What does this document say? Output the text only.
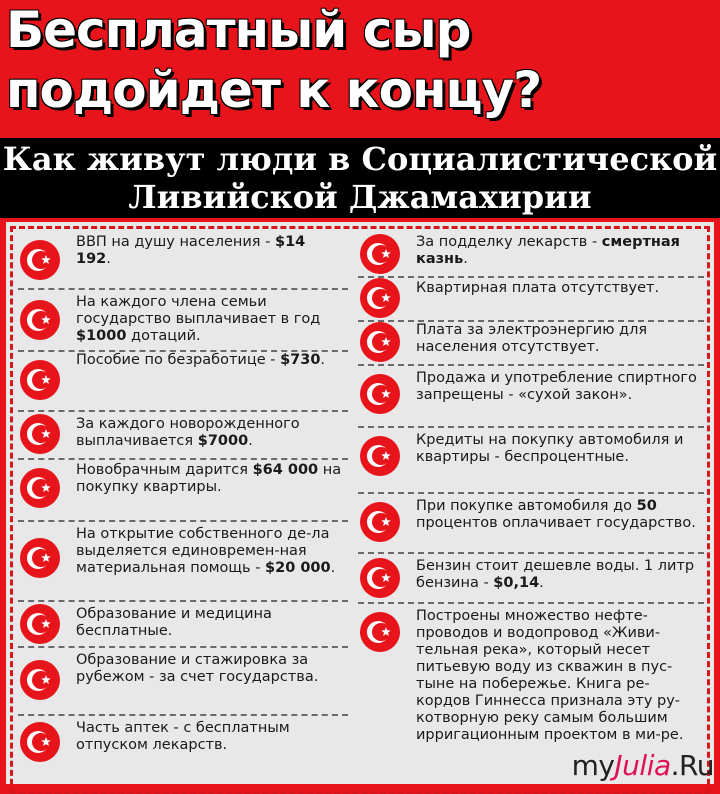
Бесплатный сыр
подойдет к концу?
Как живут люди в Социалистической
Ливийской Джамахирии
ВВП на душу населения - $14 192.
На каждого члена семьи государство выплачивает в год $1000 дотаций.
Пособие по безработице - $730.
За каждого новорожденного выплачивается $7000.
Новобрачным дарится $64 000 на покупку квартиры.
На открытие собственного де-ла выделяется единовремен-ная материальная помощь - $20 000.
Образование и медицина бесплатные.
Образование и стажировка за рубежом - за счет государства.
Часть аптек - с бесплатным отпуском лекарств.
За подделку лекарств - смертная казнь.
Квартирная плата отсутствует.
Плата за электроэнергию для населения отсутствует.
Продажа и употребление спиртного запрещены - «сухой закон».
Кредиты на покупку автомобиля и квартиры - беспроцентные.
При покупке автомобиля до 50 процентов оплачивает государство.
Бензин стоит дешевле воды. 1 литр бензина - $0,14.
Построены множество нефте-проводов и водопровод «Живи-тельная река», который несет питьевую воду из скважин в пус-тыне на побережье. Книга ре-кордов Гиннесса признала эту ру-котворную реку самым большим ирригационным проектом в ми-ре.
myJulia.Ru
